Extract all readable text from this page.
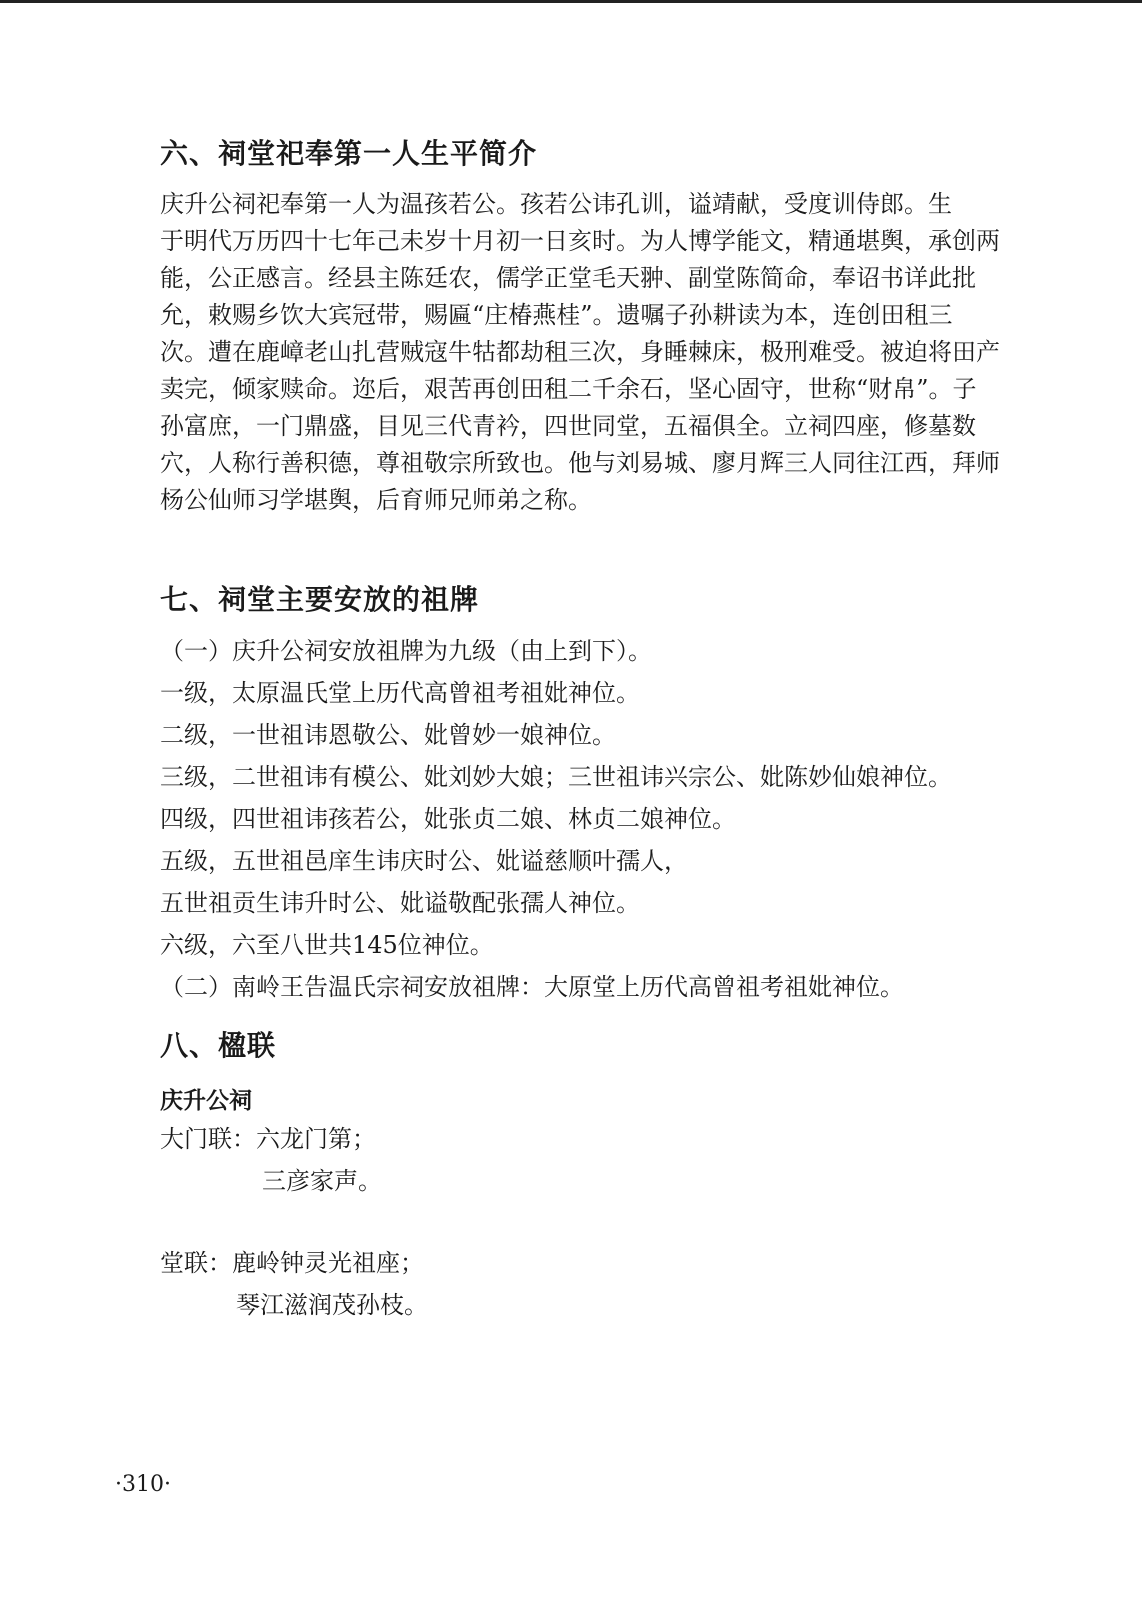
六、祠堂祀奉第一人生平简介

庆升公祠祀奉第一人为温孩若公。孩若公讳孔训，谥靖献，受度训侍郎。生

于明代万历四十七年己未岁十月初一日亥时。为人博学能文，精通堪舆，承创两

能，公正感言。经县主陈廷农，儒学正堂毛天翀、副堂陈简命，奉诏书详此批

允，敕赐乡饮大宾冠带，赐匾“庄椿燕桂”。遗嘱子孙耕读为本，连创田租三

次。遭在鹿嶂老山扎营贼寇牛牯都劫租三次，身睡棘床，极刑难受。被迫将田产

卖完，倾家赎命。迩后，艰苦再创田租二千余石，坚心固守，世称“财帛”。子

孙富庶，一门鼎盛，目见三代青衿，四世同堂，五福俱全。立祠四座，修墓数

穴，人称行善积德，尊祖敬宗所致也。他与刘易城、廖月辉三人同往江西，拜师

杨公仙师习学堪舆，后育师兄师弟之称。

七、祠堂主要安放的祖牌
（一）庆升公祠安放祖牌为九级（由上到下）。
一级，太原温氏堂上历代高曾祖考祖妣神位。
二级，一世祖讳恩敬公、妣曾妙一娘神位。
三级，二世祖讳有模公、妣刘妙大娘；三世祖讳兴宗公、妣陈妙仙娘神位。
四级，四世祖讳孩若公，妣张贞二娘、林贞二娘神位。
五级，五世祖邑庠生讳庆时公、妣谥慈顺叶孺人，
五世祖贡生讳升时公、妣谥敬配张孺人神位。
六级，六至八世共145位神位。
（二）南岭王告温氏宗祠安放祖牌：大原堂上历代高曾祖考祖妣神位。
八、楹联
庆升公祠
大门联：六龙门第；
三彦家声。
堂联：鹿岭钟灵光祖座；
琴江滋润茂孙枝。
·310·
